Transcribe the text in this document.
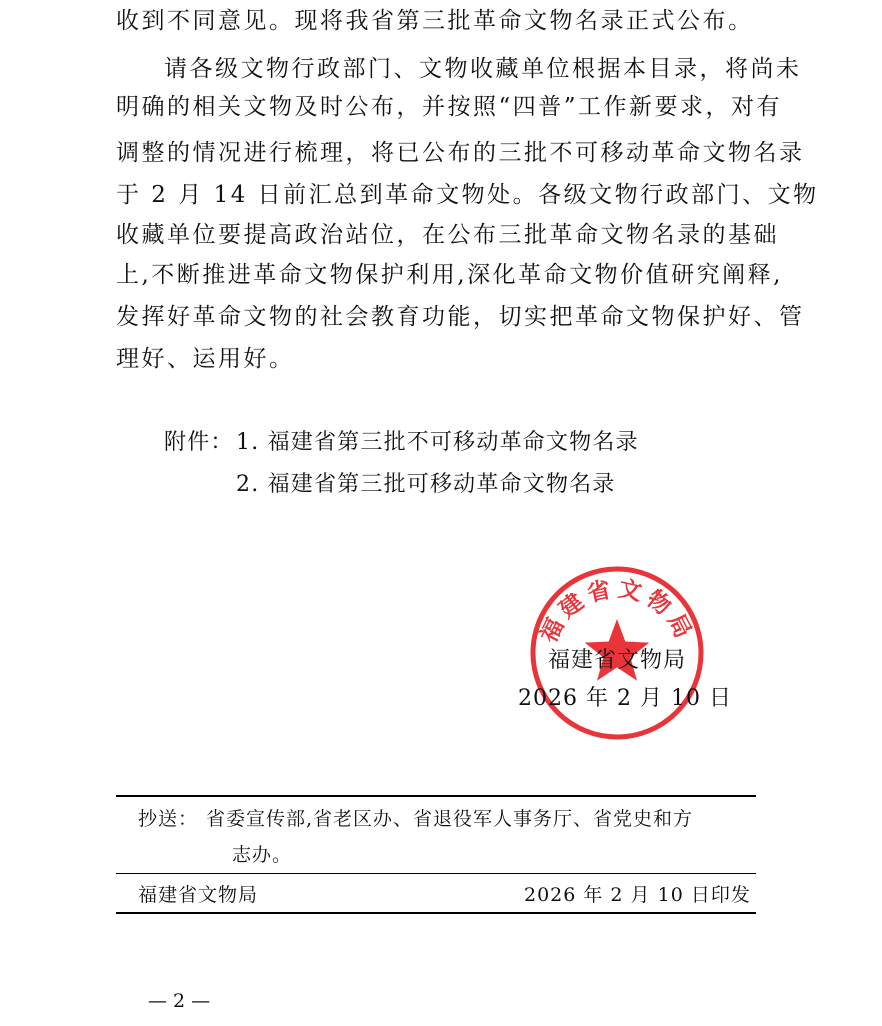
收到不同意见。现将我省第三批革命文物名录正式公布。
请各级文物行政部门、文物收藏单位根据本目录，将尚未
明确的相关文物及时公布，并按照“四普”工作新要求，对有
调整的情况进行梳理，将已公布的三批不可移动革命文物名录
于 2 月 14 日前汇总到革命文物处。各级文物行政部门、文物
收藏单位要提高政治站位，在公布三批革命文物名录的基础
上,不断推进革命文物保护利用,深化革命文物价值研究阐释,
发挥好革命文物的社会教育功能，切实把革命文物保护好、管
理好、运用好。
附件： 1. 福建省第三批不可移动革命文物名录
2. 福建省第三批可移动革命文物名录
福建省文物局
福建省文物局
2026 年 2 月 10 日
抄送： 省委宣传部,省老区办、省退役军人事务厅、省党史和方
志办。
福建省文物局	2026 年 2 月 10 日印发
— 2 —
